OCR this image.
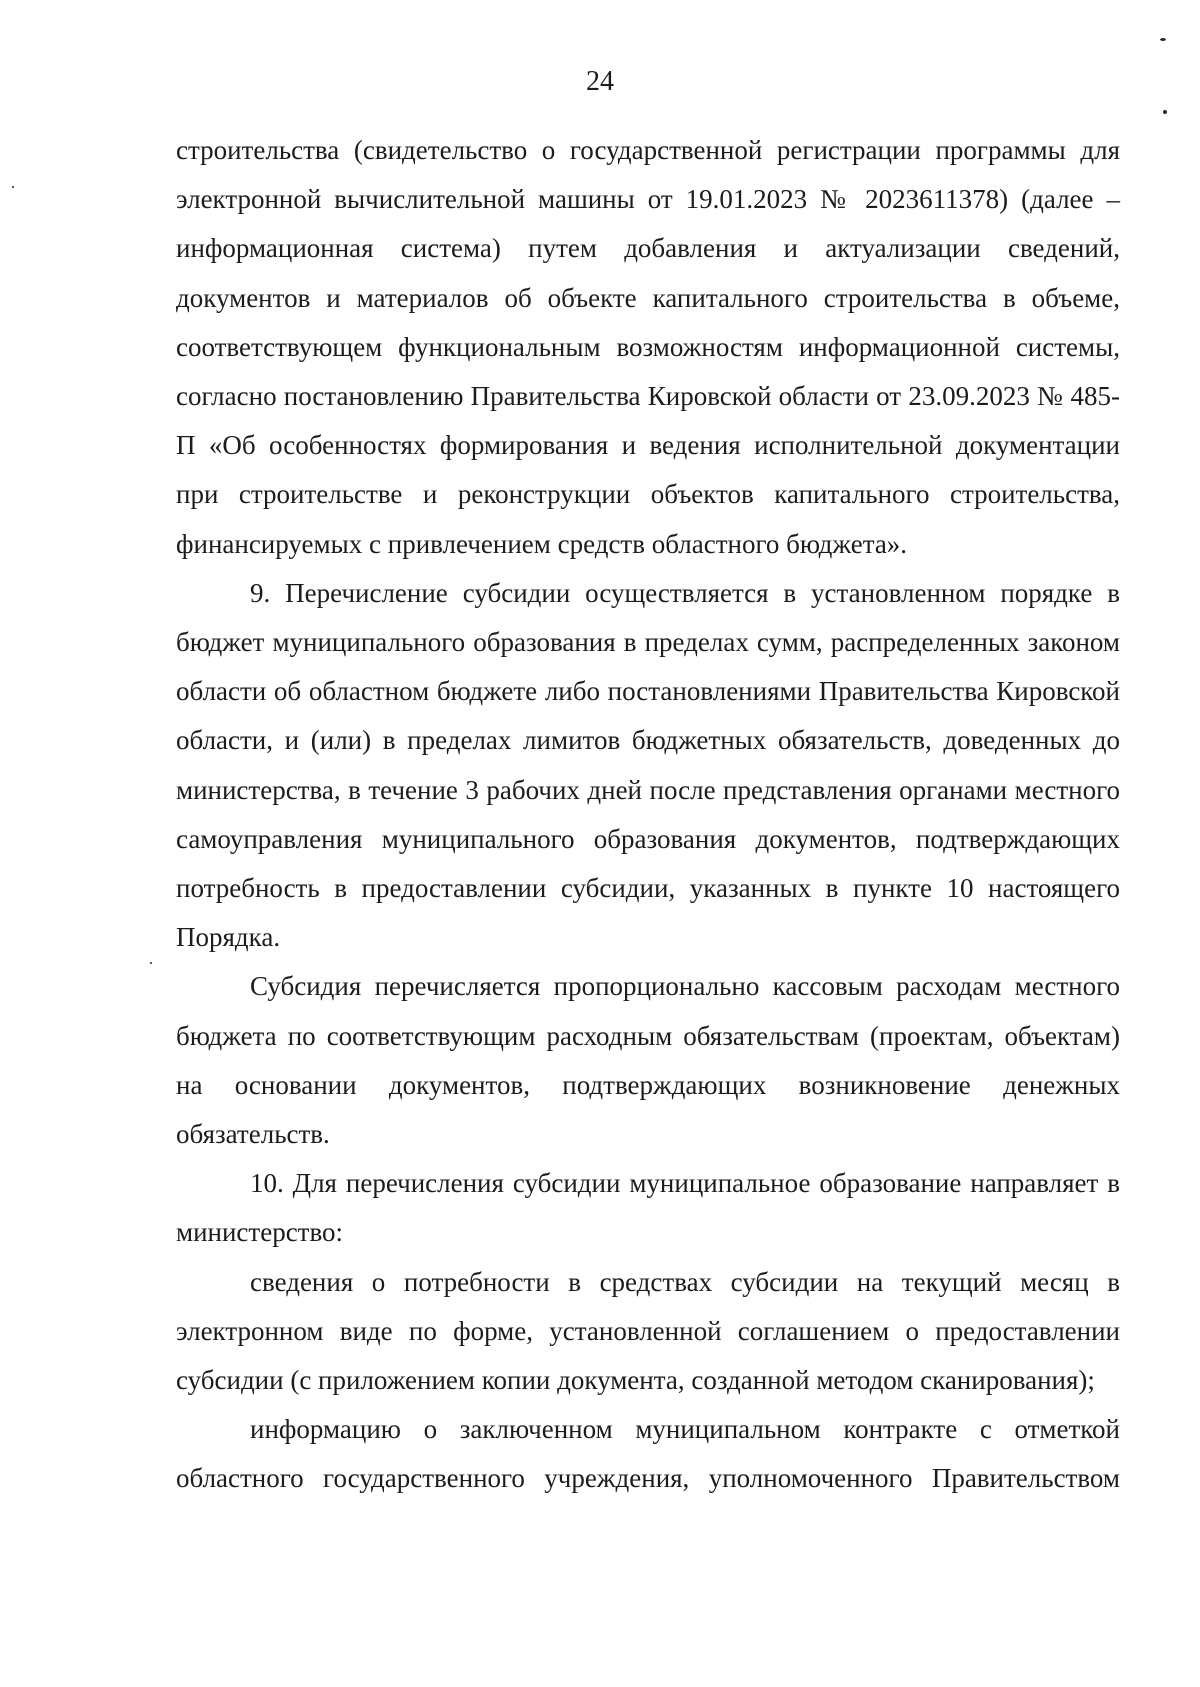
24

строительства (свидетельство о государственной регистрации программы для электронной вычислительной машины от 19.01.2023 № 2023611378) (далее – информационная система) путем добавления и актуализации сведений, документов и материалов об объекте капитального строительства в объеме, соответствующем функциональным возможностям информационной системы, согласно постановлению Правительства Кировской области от 23.09.2023 № 485-П «Об особенностях формирования и ведения исполнительной документации при строительстве и реконструкции объектов капитального строительства, финансируемых с привлечением средств областного бюджета».

9. Перечисление субсидии осуществляется в установленном порядке в бюджет муниципального образования в пределах сумм, распределенных законом области об областном бюджете либо постановлениями Правительства Кировской области, и (или) в пределах лимитов бюджетных обязательств, доведенных до министерства, в течение 3 рабочих дней после представления органами местного самоуправления муниципального образования документов, подтверждающих потребность в предоставлении субсидии, указанных в пункте 10 настоящего Порядка.

Субсидия перечисляется пропорционально кассовым расходам местного бюджета по соответствующим расходным обязательствам (проектам, объектам) на основании документов, подтверждающих возникновение денежных обязательств.

10. Для перечисления субсидии муниципальное образование направляет в министерство:

сведения о потребности в средствах субсидии на текущий месяц в электронном виде по форме, установленной соглашением о предоставлении субсидии (с приложением копии документа, созданной методом сканирования);

информацию о заключенном муниципальном контракте с отметкой областного государственного учреждения, уполномоченного Правительством
